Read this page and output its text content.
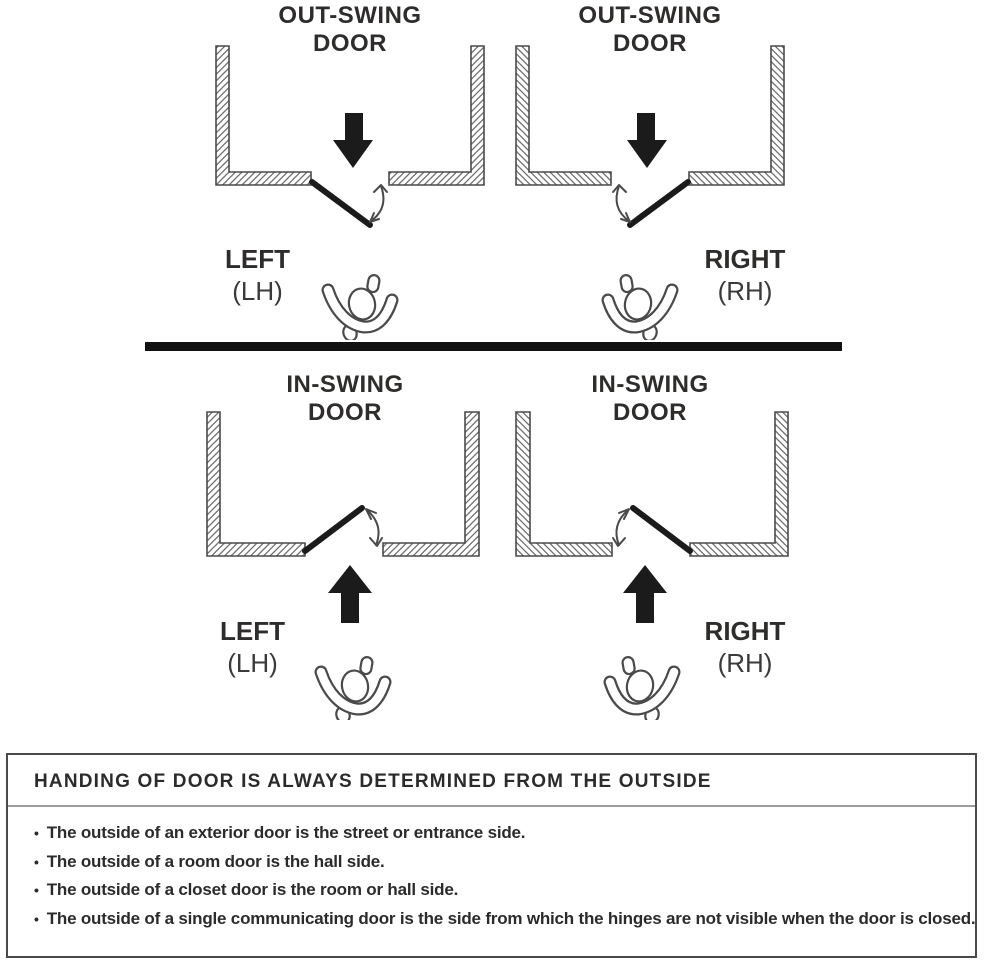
OUT-SWING
DOOR
LEFT
(LH)
OUT-SWING
DOOR
RIGHT
(RH)
IN-SWING
DOOR
LEFT
(LH)
IN-SWING
DOOR
RIGHT
(RH)
HANDING OF DOOR IS ALWAYS DETERMINED FROM THE OUTSIDE
• The outside of an exterior door is the street or entrance side.
• The outside of a room door is the hall side.
• The outside of a closet door is the room or hall side.
• The outside of a single communicating door is the side from which the hinges are not visible when the door is closed.
